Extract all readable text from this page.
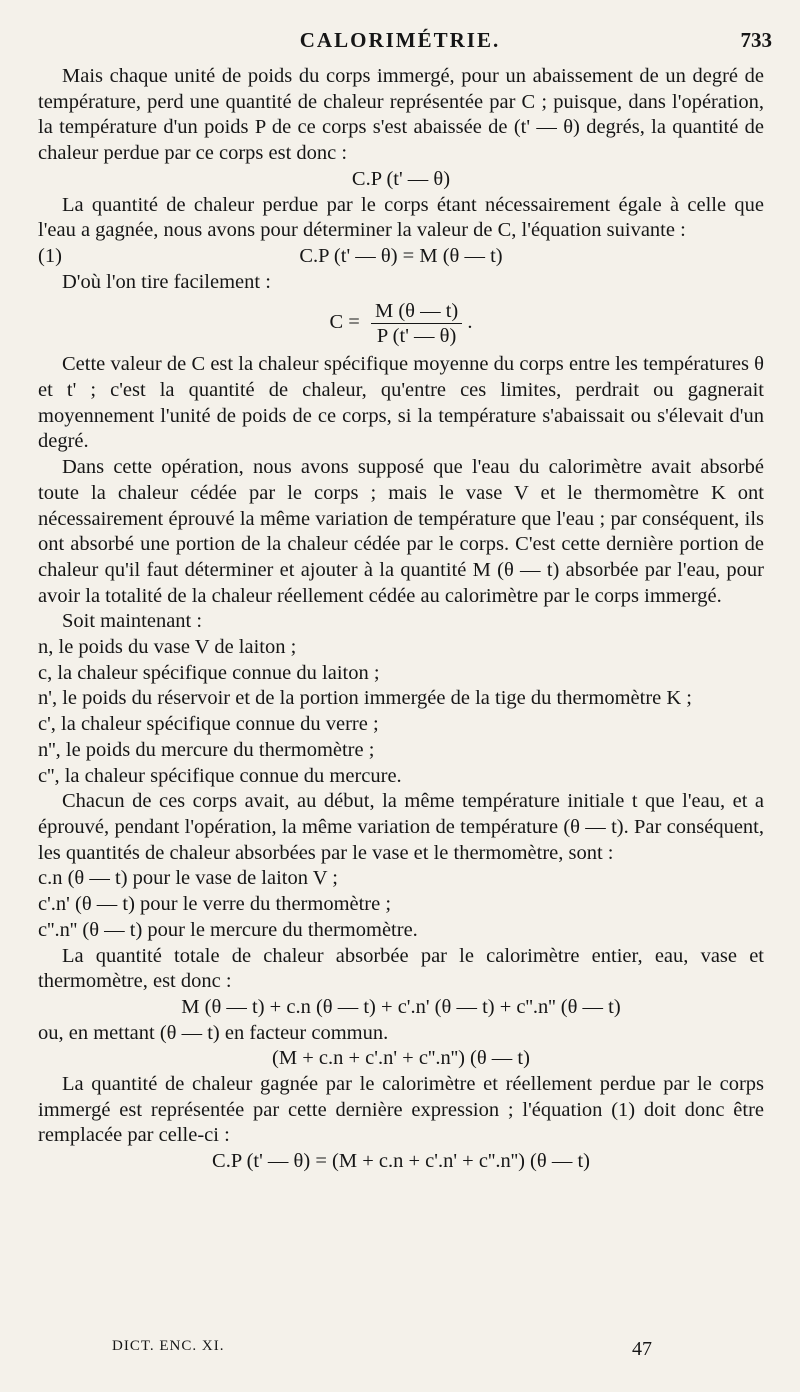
CALORIMÉTRIE.	733

Mais chaque unité de poids du corps immergé, pour un abaissement de un degré de température, perd une quantité de chaleur représentée par C ; puisque, dans l'opération, la température d'un poids P de ce corps s'est abaissée de (t' — θ) degrés, la quantité de chaleur perdue par ce corps est donc :

C.P (t' — θ)

La quantité de chaleur perdue par le corps étant nécessairement égale à celle que l'eau a gagnée, nous avons pour déterminer la valeur de C, l'équation suivante :

(1)	C.P (t' — θ) = M (θ — t)

D'où l'on tire facilement :

$C = \frac{M (\theta — t)}{P (t' — \theta)}$ .

Cette valeur de C est la chaleur spécifique moyenne du corps entre les températures θ et t' ; c'est la quantité de chaleur, qu'entre ces limites, perdrait ou gagnerait moyennement l'unité de poids de ce corps, si la température s'abaissait ou s'élevait d'un degré.

Dans cette opération, nous avons supposé que l'eau du calorimètre avait absorbé toute la chaleur cédée par le corps ; mais le vase V et le thermomètre K ont nécessairement éprouvé la même variation de température que l'eau ; par conséquent, ils ont absorbé une portion de la chaleur cédée par le corps. C'est cette dernière portion de chaleur qu'il faut déterminer et ajouter à la quantité M (θ — t) absorbée par l'eau, pour avoir la totalité de la chaleur réellement cédée au calorimètre par le corps immergé.

Soit maintenant :

n, le poids du vase V de laiton ;

c, la chaleur spécifique connue du laiton ;

n', le poids du réservoir et de la portion immergée de la tige du thermomètre K ;

c', la chaleur spécifique connue du verre ;

n'', le poids du mercure du thermomètre ;

c'', la chaleur spécifique connue du mercure.

Chacun de ces corps avait, au début, la même température initiale t que l'eau, et a éprouvé, pendant l'opération, la même variation de température (θ — t). Par conséquent, les quantités de chaleur absorbées par le vase et le thermomètre, sont :

c.n (θ — t) pour le vase de laiton V ;

c'.n' (θ — t) pour le verre du thermomètre ;

c''.n'' (θ — t) pour le mercure du thermomètre.

La quantité totale de chaleur absorbée par le calorimètre entier, eau, vase et thermomètre, est donc :

M (θ — t) + c.n (θ — t) + c'.n' (θ — t) + c''.n'' (θ — t)

ou, en mettant (θ — t) en facteur commun.

(M + c.n + c'.n' + c''.n'') (θ — t)

La quantité de chaleur gagnée par le calorimètre et réellement perdue par le corps immergé est représentée par cette dernière expression ; l'équation (1) doit donc être remplacée par celle-ci :

C.P (t' — θ) = (M + c.n + c'.n' + c''.n'') (θ — t)

DICT. ENC. XI.	47
